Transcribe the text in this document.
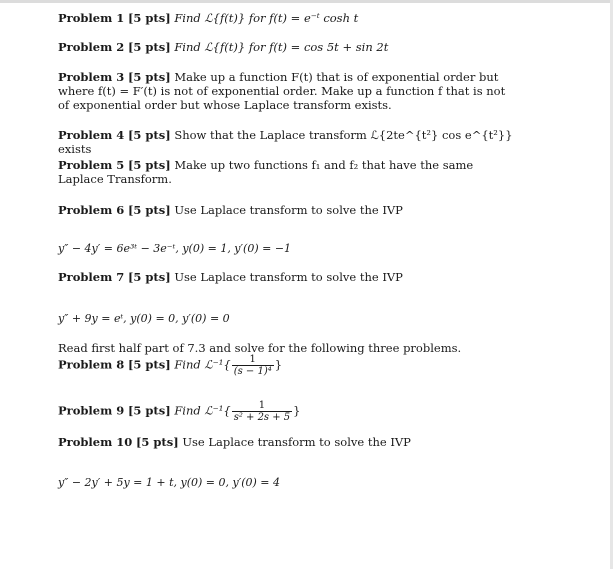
Problem 1 [5 pts] Find ℒ{f(t)} for f(t) = e⁻ᵗ cosh t
Problem 2 [5 pts] Find ℒ{f(t)} for f(t) = cos 5t + sin 2t
Problem 3 [5 pts] Make up a function F(t) that is of exponential order but where f(t) = F′(t) is not of exponential order. Make up a function f that is not of exponential order but whose Laplace transform exists.
Problem 4 [5 pts] Show that the Laplace transform ℒ{2te^{t²} cos e^{t²}} exists
Problem 5 [5 pts] Make up two functions f₁ and f₂ that have the same Laplace Transform.
Problem 6 [5 pts] Use Laplace transform to solve the IVP
y″ − 4y′ = 6e³ᵗ − 3e⁻ᵗ, y(0) = 1, y′(0) = −1
Problem 7 [5 pts] Use Laplace transform to solve the IVP
y″ + 9y = eᵗ, y(0) = 0, y′(0) = 0
Read first half part of 7.3 and solve for the following three problems.
Problem 8 [5 pts] Find ℒ⁻¹{ $\frac{1}{\text{(s − 1)⁴}}$ }
Problem 9 [5 pts] Find ℒ⁻¹{ $\frac{1}{\text{s² + 2s + 5}}$ }
Problem 10 [5 pts] Use Laplace transform to solve the IVP
y″ − 2y′ + 5y = 1 + t, y(0) = 0, y′(0) = 4
